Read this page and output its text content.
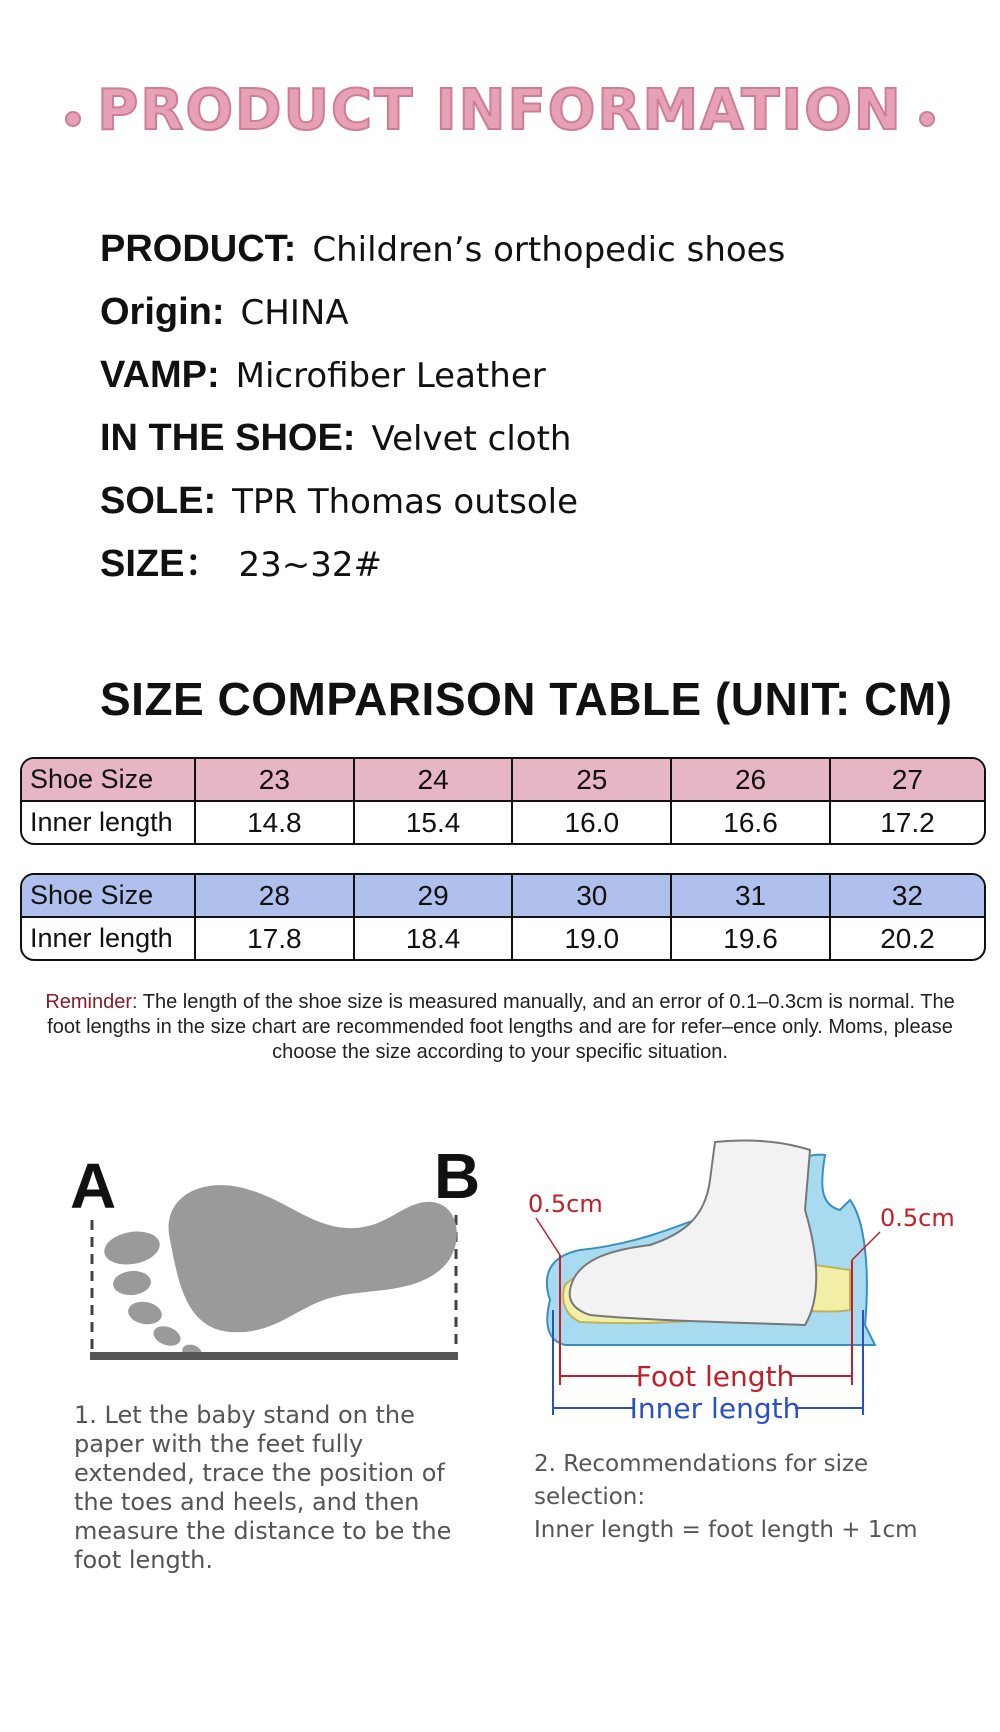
PRODUCT INFORMATION
PRODUCT: Children’s orthopedic shoes
Origin: CHINA
VAMP: Microfiber Leather
IN THE SHOE: Velvet cloth
SOLE: TPR Thomas outsole
SIZE： 23~32#
SIZE COMPARISON TABLE (UNIT: CM)
Shoe Size	23	24	25	26	27
Inner length	14.8	15.4	16.0	16.6	17.2
Shoe Size	28	29	30	31	32
Inner length	17.8	18.4	19.0	19.6	20.2
Reminder: The length of the shoe size is measured manually, and an error of 0.1–0.3cm is normal. The foot lengths in the size chart are recommended foot lengths and are for refer–ence only. Moms, please choose the size according to your specific situation.
A	B 0.5cm	0.5cm
Foot length
Inner length
1. Let the baby stand on the paper with the feet fully extended, trace the position of the toes and heels, and then measure the distance to be the foot length.
2. Recommendations for size selection:
Inner length = foot length + 1cm
